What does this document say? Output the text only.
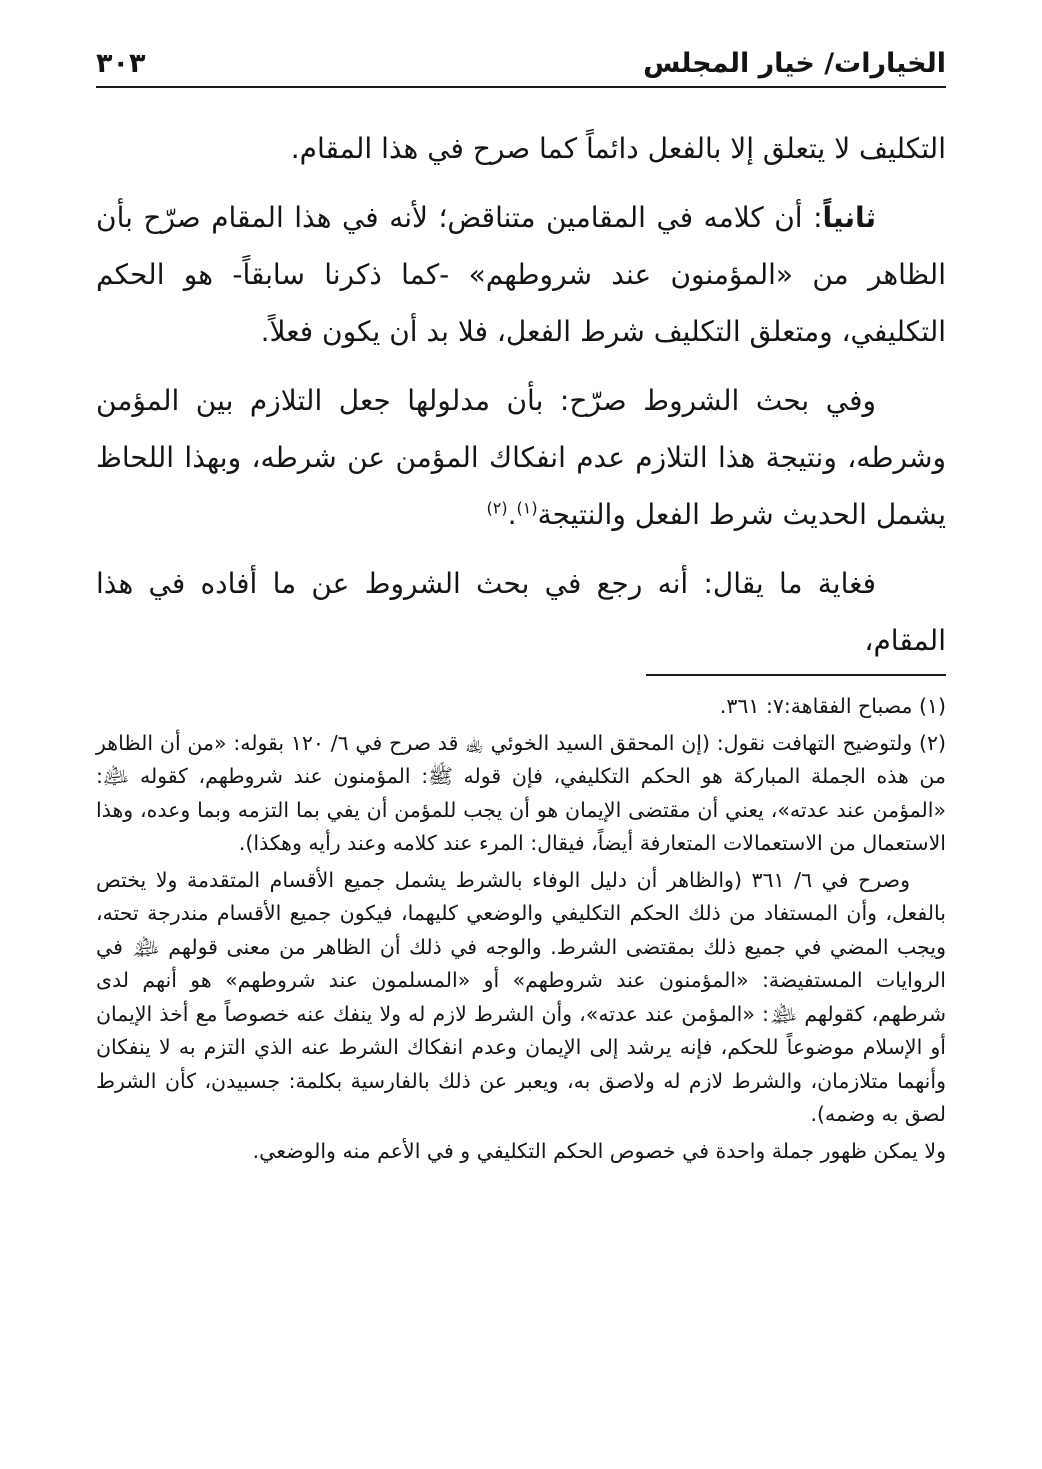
الخيارات/ خيار المجلس
٣٠٣

التكليف لا يتعلق إلا بالفعل دائماً كما صرح في هذا المقام.

ثانياً: أن كلامه في المقامين متناقض؛ لأنه في هذا المقام صرّح بأن الظاهر من «المؤمنون عند شروطهم» -كما ذكرنا سابقاً- هو الحكم التكليفي، ومتعلق التكليف شرط الفعل، فلا بد أن يكون فعلاً.

وفي بحث الشروط صرّح: بأن مدلولها جعل التلازم بين المؤمن وشرطه، ونتيجة هذا التلازم عدم انفكاك المؤمن عن شرطه، وبهذا اللحاظ يشمل الحديث شرط الفعل والنتيجة$^{(١)}$.$^{(٢)}$

فغاية ما يقال: أنه رجع في بحث الشروط عن ما أفاده في هذا المقام،

(١) مصباح الفقاهة:٧: ٣٦١.

(٢) ولتوضيح التهافت نقول: (إن المحقق السيد الخوئي ﵀ قد صرح في ٦/ ١٢٠ بقوله: «من أن الظاهر من هذه الجملة المباركة هو الحكم التكليفي، فإن قوله ﷺ: المؤمنون عند شروطهم، كقوله ﵇: «المؤمن عند عدته»، يعني أن مقتضى الإيمان هو أن يجب للمؤمن أن يفي بما التزمه وبما وعده، وهذا الاستعمال من الاستعمالات المتعارفة أيضاً، فيقال: المرء عند كلامه وعند رأيه وهكذا).

وصرح في ٦/ ٣٦١ (والظاهر أن دليل الوفاء بالشرط يشمل جميع الأقسام المتقدمة ولا يختص بالفعل، وأن المستفاد من ذلك الحكم التكليفي والوضعي كليهما، فيكون جميع الأقسام مندرجة تحته، ويجب المضي في جميع ذلك بمقتضى الشرط. والوجه في ذلك أن الظاهر من معنى قولهم ﵈ في الروايات المستفيضة: «المؤمنون عند شروطهم» أو «المسلمون عند شروطهم» هو أنهم لدى شرطهم، كقولهم ﵈: «المؤمن عند عدته»، وأن الشرط لازم له ولا ينفك عنه خصوصاً مع أخذ الإيمان أو الإسلام موضوعاً للحكم، فإنه يرشد إلى الإيمان وعدم انفكاك الشرط عنه الذي التزم به لا ينفكان وأنهما متلازمان، والشرط لازم له ولاصق به، ويعبر عن ذلك بالفارسية بكلمة: جسبيدن، كأن الشرط لصق به وضمه).

ولا يمكن ظهور جملة واحدة في خصوص الحكم التكليفي و في الأعم منه والوضعي.
